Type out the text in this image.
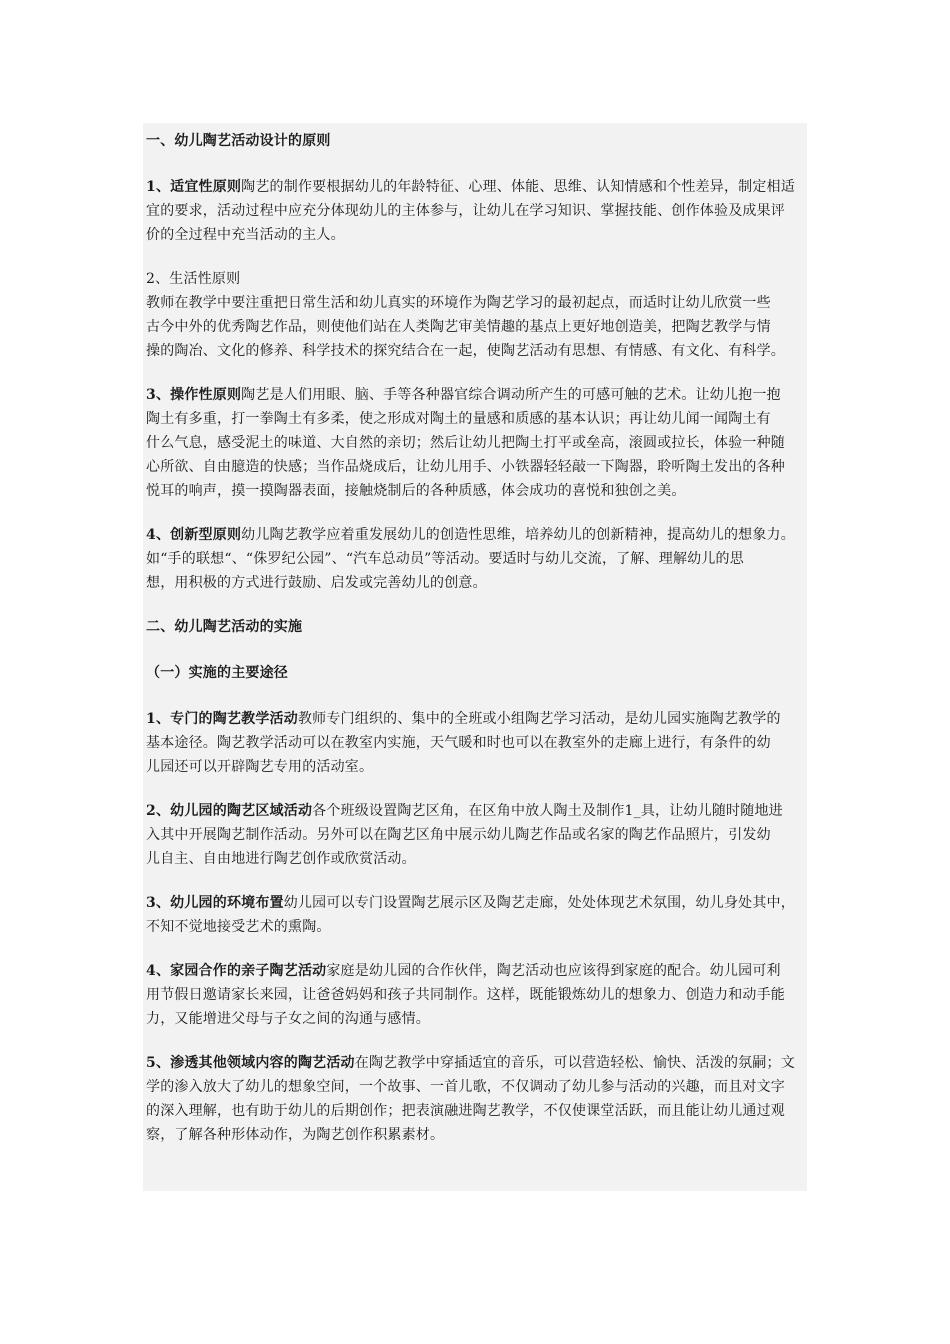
一、幼儿陶艺活动设计的原则
1、适宜性原则陶艺的制作要根据幼儿的年龄特征、心理、体能、思维、认知情感和个性差异，制定相适
宜的要求，活动过程中应充分体现幼儿的主体参与，让幼儿在学习知识、掌握技能、创作体验及成果评
价的全过程中充当活动的主人。
2、生活性原则
教师在教学中要注重把日常生活和幼儿真实的环境作为陶艺学习的最初起点，而适时让幼儿欣赏一些
古今中外的优秀陶艺作品，则使他们站在人类陶艺审美情趣的基点上更好地创造美，把陶艺教学与情
操的陶冶、文化的修养、科学技术的探究结合在一起，使陶艺活动有思想、有情感、有文化、有科学。
3、操作性原则陶艺是人们用眼、脑、手等各种器官综合调动所产生的可感可触的艺术。让幼儿抱一抱
陶土有多重，打一拳陶土有多柔，使之形成对陶土的量感和质感的基本认识；再让幼儿闻一闻陶土有
什么气息，感受泥土的味道、大自然的亲切；然后让幼儿把陶土打平或垒高，滚圆或拉长，体验一种随
心所欲、自由臆造的快感；当作品烧成后，让幼儿用手、小铁器轻轻敲一下陶器，聆听陶土发出的各种
悦耳的响声，摸一摸陶器表面，接触烧制后的各种质感，体会成功的喜悦和独创之美。
4、创新型原则幼儿陶艺教学应着重发展幼儿的创造性思维，培养幼儿的创新精神，提高幼儿的想象力。
如“手的联想“、“侏罗纪公园”、“汽车总动员”等活动。要适时与幼儿交流，了解、理解幼儿的思
想，用积极的方式进行鼓励、启发或完善幼儿的创意。
二、幼儿陶艺活动的实施
（一）实施的主要途径
1、专门的陶艺教学活动教师专门组织的、集中的全班或小组陶艺学习活动，是幼儿园实施陶艺教学的
基本途径。陶艺教学活动可以在教室内实施，天气暖和时也可以在教室外的走廊上进行，有条件的幼
儿园还可以开辟陶艺专用的活动室。
2、幼儿园的陶艺区域活动各个班级设置陶艺区角，在区角中放人陶土及制作1_具，让幼儿随时随地进
入其中开展陶艺制作活动。另外可以在陶艺区角中展示幼儿陶艺作品或名家的陶艺作品照片，引发幼
儿自主、自由地进行陶艺创作或欣赏活动。
3、幼儿园的环境布置幼儿园可以专门设置陶艺展示区及陶艺走廊，处处体现艺术氛围，幼儿身处其中，
不知不觉地接受艺术的熏陶。
4、家园合作的亲子陶艺活动家庭是幼儿园的合作伙伴，陶艺活动也应该得到家庭的配合。幼儿园可利
用节假日邀请家长来园，让爸爸妈妈和孩子共同制作。这样，既能锻炼幼儿的想象力、创造力和动手能
力，又能增进父母与子女之间的沟通与感情。
5、渗透其他领域内容的陶艺活动在陶艺教学中穿插适宜的音乐，可以营造轻松、愉快、活泼的氛嗣；文
学的渗入放大了幼儿的想象空间，一个故事、一首儿歌，不仅调动了幼儿参与活动的兴趣，而且对文字
的深入理解，也有助于幼儿的后期创作；把表演融进陶艺教学，不仅使课堂活跃，而且能让幼儿通过观
察，了解各种形体动作，为陶艺创作积累素材。
